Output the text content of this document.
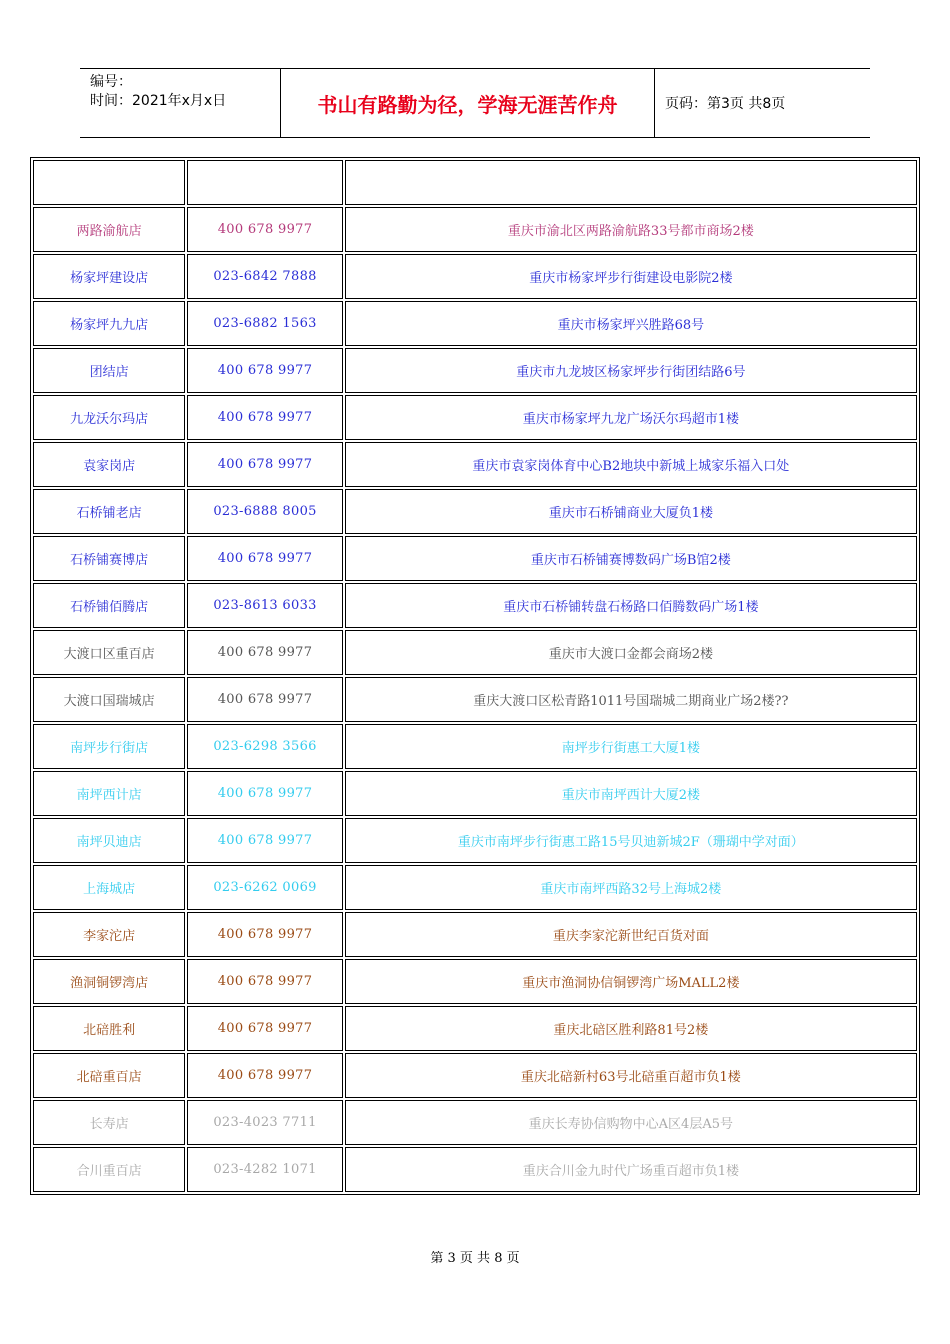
编号：
时间：2021年x月x日	书山有路勤为径，学海无涯苦作舟	页码：第3页 共8页

两路渝航店	400 678 9977	重庆市渝北区两路渝航路33号都市商场2楼
杨家坪建设店	023-6842 7888	重庆市杨家坪步行街建设电影院2楼
杨家坪九九店	023-6882 1563	重庆市杨家坪兴胜路68号
团结店	400 678 9977	重庆市九龙坡区杨家坪步行街团结路6号
九龙沃尔玛店	400 678 9977	重庆市杨家坪九龙广场沃尔玛超市1楼
袁家岗店	400 678 9977	重庆市袁家岗体育中心B2地块中新城上城家乐福入口处
石桥铺老店	023-6888 8005	重庆市石桥铺商业大厦负1楼
石桥铺赛博店	400 678 9977	重庆市石桥铺赛博数码广场B馆2楼
石桥铺佰腾店	023-8613 6033	重庆市石桥铺转盘石杨路口佰腾数码广场1楼
大渡口区重百店	400 678 9977	重庆市大渡口金都会商场2楼
大渡口国瑞城店	400 678 9977	重庆大渡口区松青路1011号国瑞城二期商业广场2楼??
南坪步行街店	023-6298 3566	南坪步行街惠工大厦1楼
南坪西计店	400 678 9977	重庆市南坪西计大厦2楼
南坪贝迪店	400 678 9977	重庆市南坪步行街惠工路15号贝迪新城2F（珊瑚中学对面）
上海城店	023-6262 0069	重庆市南坪西路32号上海城2楼
李家沱店	400 678 9977	重庆李家沱新世纪百货对面
渔洞铜锣湾店	400 678 9977	重庆市渔洞协信铜锣湾广场MALL2楼
北碚胜利	400 678 9977	重庆北碚区胜利路81号2楼
北碚重百店	400 678 9977	重庆北碚新村63号北碚重百超市负1楼
长寿店	023-4023 7711	重庆长寿协信购物中心A区4层A5号
合川重百店	023-4282 1071	重庆合川金九时代广场重百超市负1楼
第 3 页 共 8 页
